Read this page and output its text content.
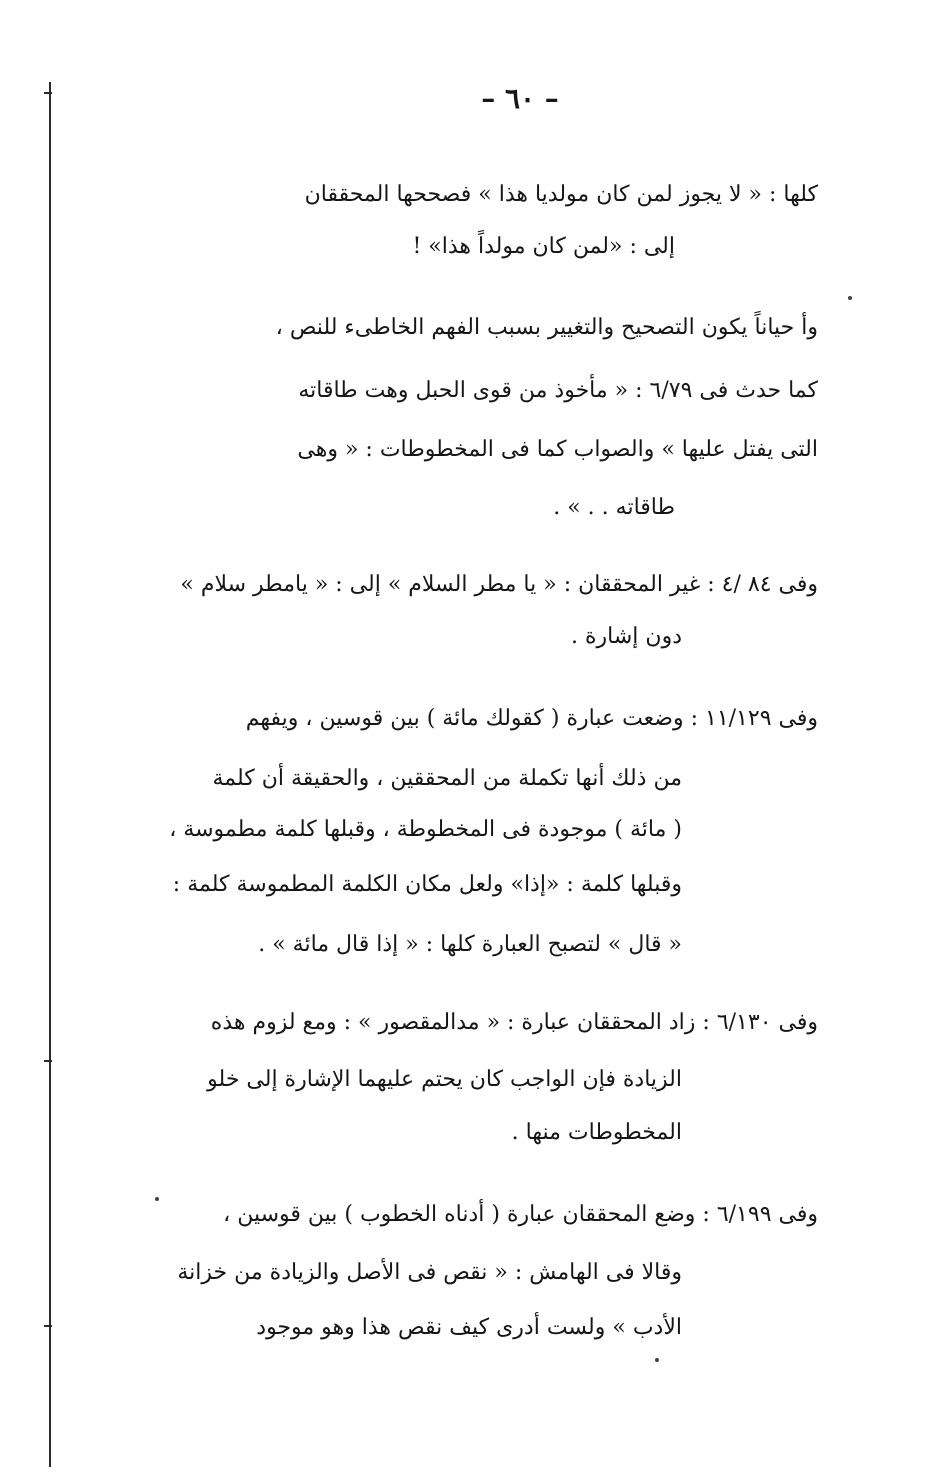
– ٦٠ –
كلها : « لا يجوز لمن كان مولديا هذا » فصححها المحققان
إلى : «لمن كان مولداً هذا» !
وأ حياناً يكون التصحيح والتغيير بسبب الفهم الخاطىء للنص ،
كما حدث فى ٦/٧٩ : « مأخوذ من قوى الحبل وهت طاقاته
التى يفتل عليها » والصواب كما فى المخطوطات : « وهى
طاقاته . . » .
وفى ٨٤ /٤ : غير المحققان : « يا مطر السلام » إلى : « يامطر سلام »
دون إشارة .
وفى ١١/١٢٩ : وضعت عبارة ( كقولك مائة ) بين قوسين ، ويفهم
من ذلك أنها تكملة من المحققين ، والحقيقة أن كلمة
( مائة ) موجودة فى المخطوطة ، وقبلها كلمة مطموسة ،
وقبلها كلمة : «إذا» ولعل مكان الكلمة المطموسة كلمة :
« قال » لتصبح العبارة كلها : « إذا قال مائة » .
وفى ٦/١٣٠ : زاد المحققان عبارة : « مدالمقصور » : ومع لزوم هذه
الزيادة فإن الواجب كان يحتم عليهما الإشارة إلى خلو
المخطوطات منها .
وفى ٦/١٩٩ : وضع المحققان عبارة ( أدناه الخطوب ) بين قوسين ،
وقالا فى الهامش : « نقص فى الأصل والزيادة من خزانة
الأدب » ولست أدرى كيف نقص هذا وهو موجود
